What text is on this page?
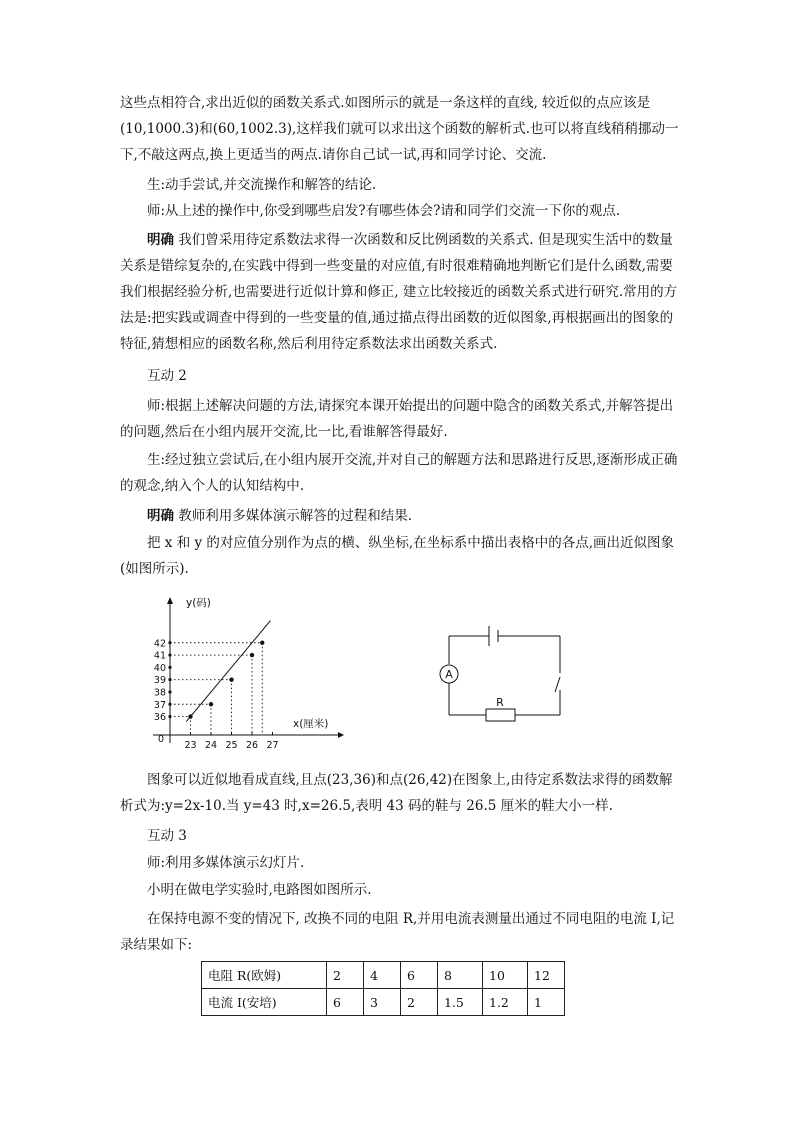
这些点相符合,求出近似的函数关系式.如图所示的就是一条这样的直线, 较近似的点应该是(10,1000.3)和(60,1002.3),这样我们就可以求出这个函数的解析式.也可以将直线稍稍挪动一下,不敲这两点,换上更适当的两点.请你自己试一试,再和同学讨论、交流.

生:动手尝试,并交流操作和解答的结论.

师:从上述的操作中,你受到哪些启发?有哪些体会?请和同学们交流一下你的观点.

明确 我们曾采用待定系数法求得一次函数和反比例函数的关系式. 但是现实生活中的数量关系是错综复杂的,在实践中得到一些变量的对应值,有时很难精确地判断它们是什么函数,需要我们根据经验分析,也需要进行近似计算和修正, 建立比较接近的函数关系式进行研究.常用的方法是:把实践或调查中得到的一些变量的值,通过描点得出函数的近似图象,再根据画出的图象的特征,猜想相应的函数名称,然后利用待定系数法求出函数关系式.

互动 2

师:根据上述解决问题的方法,请探究本课开始提出的问题中隐含的函数关系式,并解答提出的问题,然后在小组内展开交流,比一比,看谁解答得最好.

生:经过独立尝试后,在小组内展开交流,并对自己的解题方法和思路进行反思,逐渐形成正确的观念,纳入个人的认知结构中.

明确 教师利用多媒体演示解答的过程和结果.

把 x 和 y 的对应值分别作为点的横、纵坐标,在坐标系中描出表格中的各点,画出近似图象(如图所示).

y(码)
x(厘米)
0
23 24 25 26 27
36
37
38
39
40
41
42
A
R

图象可以近似地看成直线,且点(23,36)和点(26,42)在图象上,由待定系数法求得的函数解析式为:y=2x-10.当 y=43 时,x=26.5,表明 43 码的鞋与 26.5 厘米的鞋大小一样.

互动 3

师:利用多媒体演示幻灯片.

小明在做电学实验时,电路图如图所示.

在保持电源不变的情况下, 改换不同的电阻 R,并用电流表测量出通过不同电阻的电流 I,记录结果如下:

电阻 R(欧姆)	2	4	6	8	10	12
电流 I(安培)	6	3	2	1.5	1.2	1
